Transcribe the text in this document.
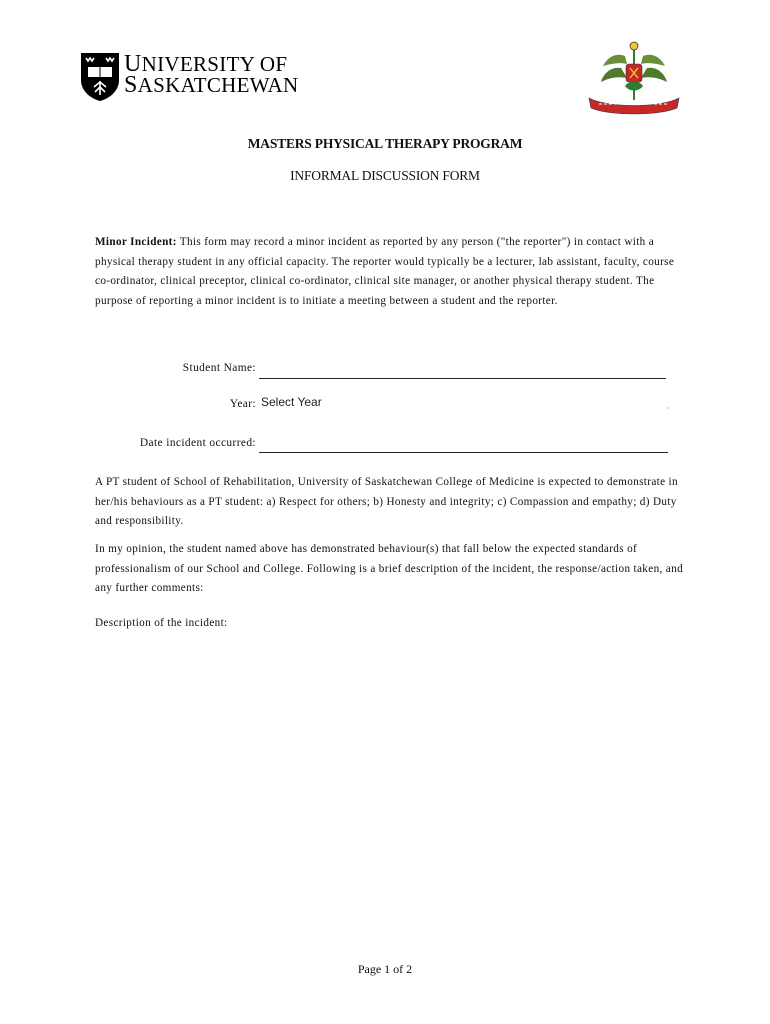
UNIVERSITY OF
SASKATCHEWAN
MASTERS PHYSICAL THERAPY PROGRAM
INFORMAL DISCUSSION FORM
Minor Incident: This form may record a minor incident as reported by any person ("the reporter") in contact with a physical therapy student in any official capacity. The reporter would typically be a lecturer, lab assistant, faculty, course co-ordinator, clinical preceptor, clinical co-ordinator, clinical site manager, or another physical therapy student. The purpose of reporting a minor incident is to initiate a meeting between a student and the reporter.
Student Name:
Year: Select Year
Date incident occurred:
A PT student of School of Rehabilitation, University of Saskatchewan College of Medicine is expected to demonstrate in her/his behaviours as a PT student: a) Respect for others; b) Honesty and integrity; c) Compassion and empathy; d) Duty and responsibility.
In my opinion, the student named above has demonstrated behaviour(s) that fall below the expected standards of professionalism of our School and College. Following is a brief description of the incident, the response/action taken, and any further comments:
Description of the incident:
Page 1 of 2
